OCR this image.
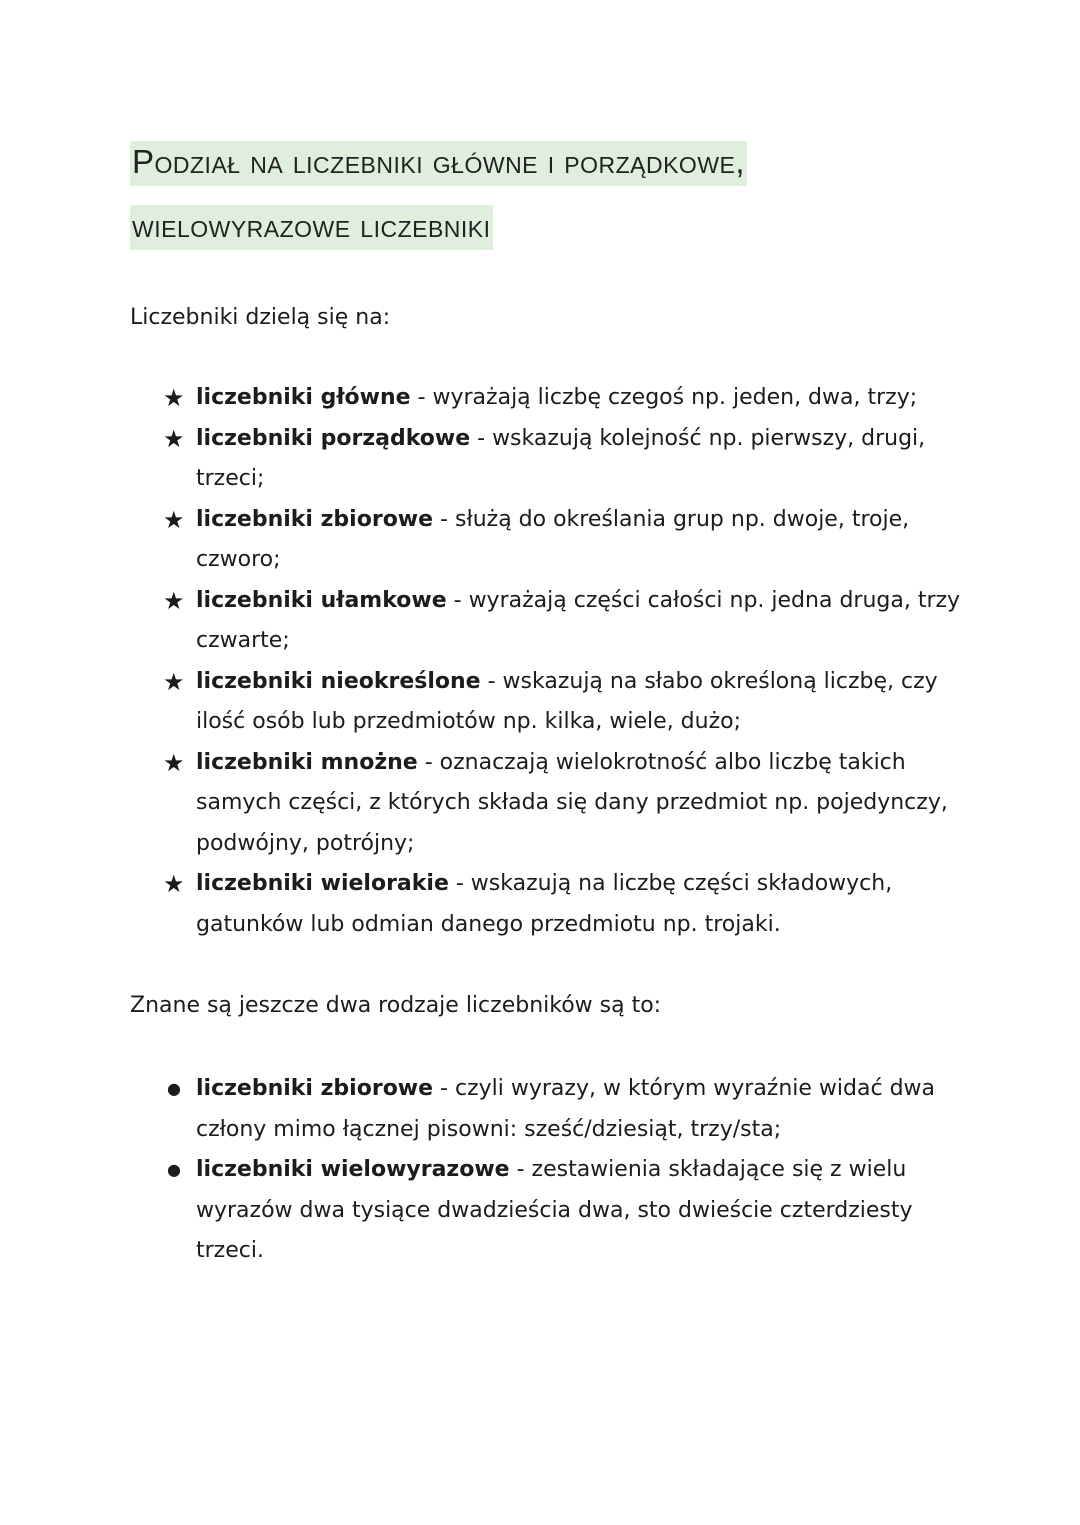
Podział na liczebniki główne i porządkowe, wielowyrazowe liczebniki

Liczebniki dzielą się na:

★ liczebniki główne - wyrażają liczbę czegoś np. jeden, dwa, trzy;
★ liczebniki porządkowe - wskazują kolejność np. pierwszy, drugi, trzeci;
★ liczebniki zbiorowe - służą do określania grup np. dwoje, troje, czworo;
★ liczebniki ułamkowe - wyrażają części całości np. jedna druga, trzy czwarte;
★ liczebniki nieokreślone - wskazują na słabo określoną liczbę, czy ilość osób lub przedmiotów np. kilka, wiele, dużo;
★ liczebniki mnożne - oznaczają wielokrotność albo liczbę takich samych części, z których składa się dany przedmiot np. pojedynczy, podwójny, potrójny;
★ liczebniki wielorakie - wskazują na liczbę części składowych, gatunków lub odmian danego przedmiotu np. trojaki.

Znane są jeszcze dwa rodzaje liczebników są to:

● liczebniki zbiorowe - czyli wyrazy, w którym wyraźnie widać dwa człony mimo łącznej pisowni: sześć/dziesiąt, trzy/sta;
● liczebniki wielowyrazowe - zestawienia składające się z wielu wyrazów dwa tysiące dwadzieścia dwa, sto dwieście czterdziesty trzeci.
